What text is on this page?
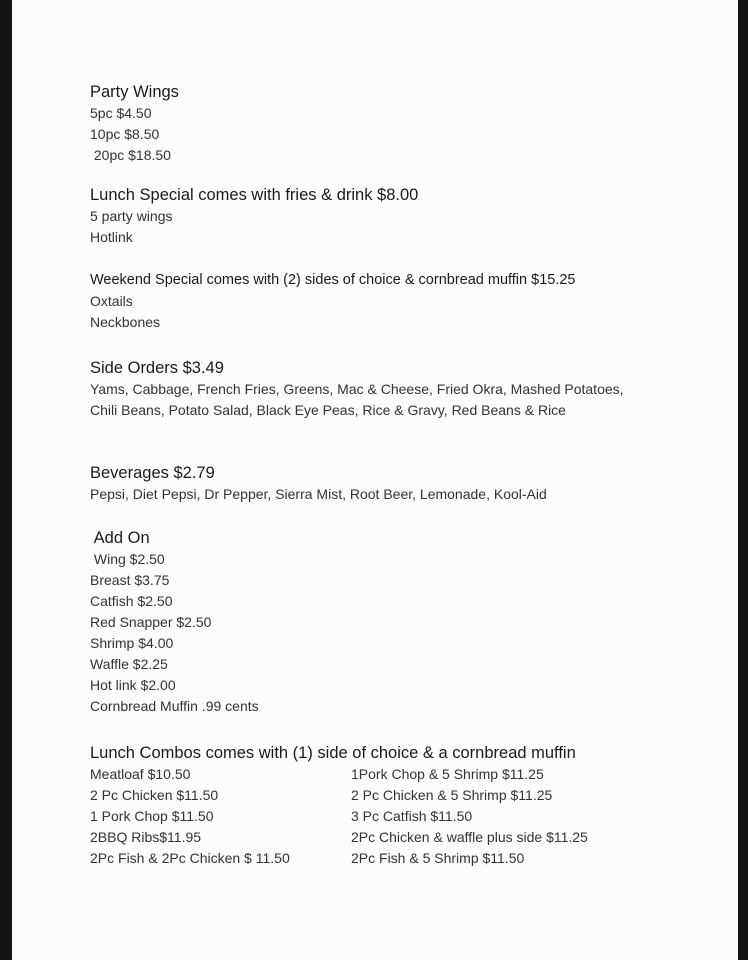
Party Wings
5pc $4.50
10pc $8.50
20pc $18.50
Lunch Special comes with fries & drink $8.00
5 party wings
Hotlink
Weekend Special comes with (2) sides of choice & cornbread muffin $15.25
Oxtails
Neckbones
Side Orders $3.49
Yams, Cabbage, French Fries, Greens, Mac & Cheese, Fried Okra, Mashed Potatoes, Chili Beans, Potato Salad, Black Eye Peas, Rice & Gravy, Red Beans & Rice
Beverages $2.79
Pepsi, Diet Pepsi, Dr Pepper, Sierra Mist, Root Beer, Lemonade, Kool-Aid
Add On
Wing $2.50
Breast $3.75
Catfish $2.50
Red Snapper $2.50
Shrimp $4.00
Waffle $2.25
Hot link $2.00
Cornbread Muffin .99 cents
Lunch Combos comes with (1) side of choice & a cornbread muffin
Meatloaf $10.50
2 Pc Chicken $11.50
1 Pork Chop $11.50
2BBQ Ribs$11.95
2Pc Fish & 2Pc Chicken $ 11.50
1Pork Chop & 5 Shrimp $11.25
2 Pc Chicken & 5 Shrimp $11.25
3 Pc Catfish $11.50
2Pc Chicken & waffle plus side $11.25
2Pc Fish & 5 Shrimp $11.50
